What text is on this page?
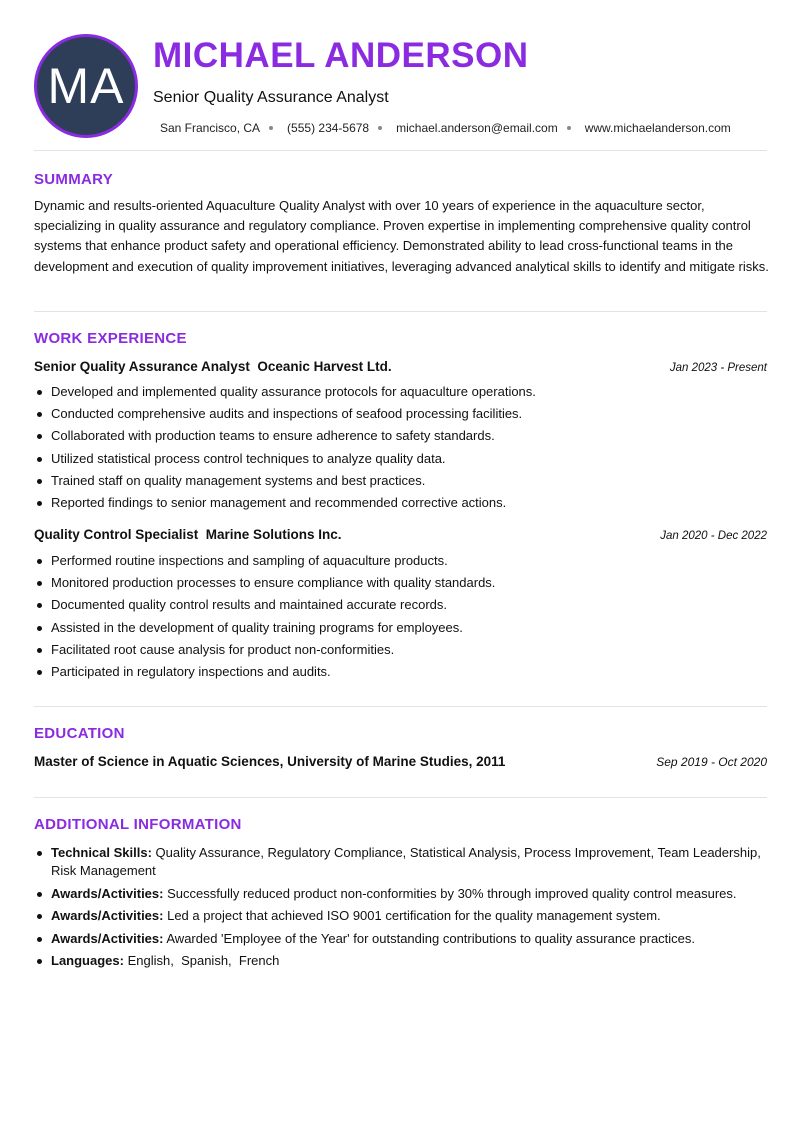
MA
MICHAEL ANDERSON
Senior Quality Assurance Analyst
San Francisco, CA (555) 234-5678 michael.anderson@email.com www.michaelanderson.com
SUMMARY

Dynamic and results-oriented Aquaculture Quality Analyst with over 10 years of experience in the aquaculture sector, specializing in quality assurance and regulatory compliance. Proven expertise in implementing comprehensive quality control systems that enhance product safety and operational efficiency. Demonstrated ability to lead cross-functional teams in the development and execution of quality improvement initiatives, leveraging advanced analytical skills to identify and mitigate risks.

WORK EXPERIENCE
Senior Quality Assurance Analyst Oceanic Harvest Ltd.	Jan 2023 - Present
Developed and implemented quality assurance protocols for aquaculture operations.
Conducted comprehensive audits and inspections of seafood processing facilities.
Collaborated with production teams to ensure adherence to safety standards.
Utilized statistical process control techniques to analyze quality data.
Trained staff on quality management systems and best practices.
Reported findings to senior management and recommended corrective actions.
Quality Control Specialist Marine Solutions Inc.	Jan 2020 - Dec 2022
Performed routine inspections and sampling of aquaculture products.
Monitored production processes to ensure compliance with quality standards.
Documented quality control results and maintained accurate records.
Assisted in the development of quality training programs for employees.
Facilitated root cause analysis for product non-conformities.
Participated in regulatory inspections and audits.
EDUCATION
Master of Science in Aquatic Sciences, University of Marine Studies, 2011	Sep 2019 - Oct 2020
ADDITIONAL INFORMATION
Technical Skills: Quality Assurance, Regulatory Compliance, Statistical Analysis, Process Improvement, Team Leadership, Risk Management
Awards/Activities: Successfully reduced product non-conformities by 30% through improved quality control measures.
Awards/Activities: Led a project that achieved ISO 9001 certification for the quality management system.
Awards/Activities: Awarded 'Employee of the Year' for outstanding contributions to quality assurance practices.
Languages: English,  Spanish,  French
